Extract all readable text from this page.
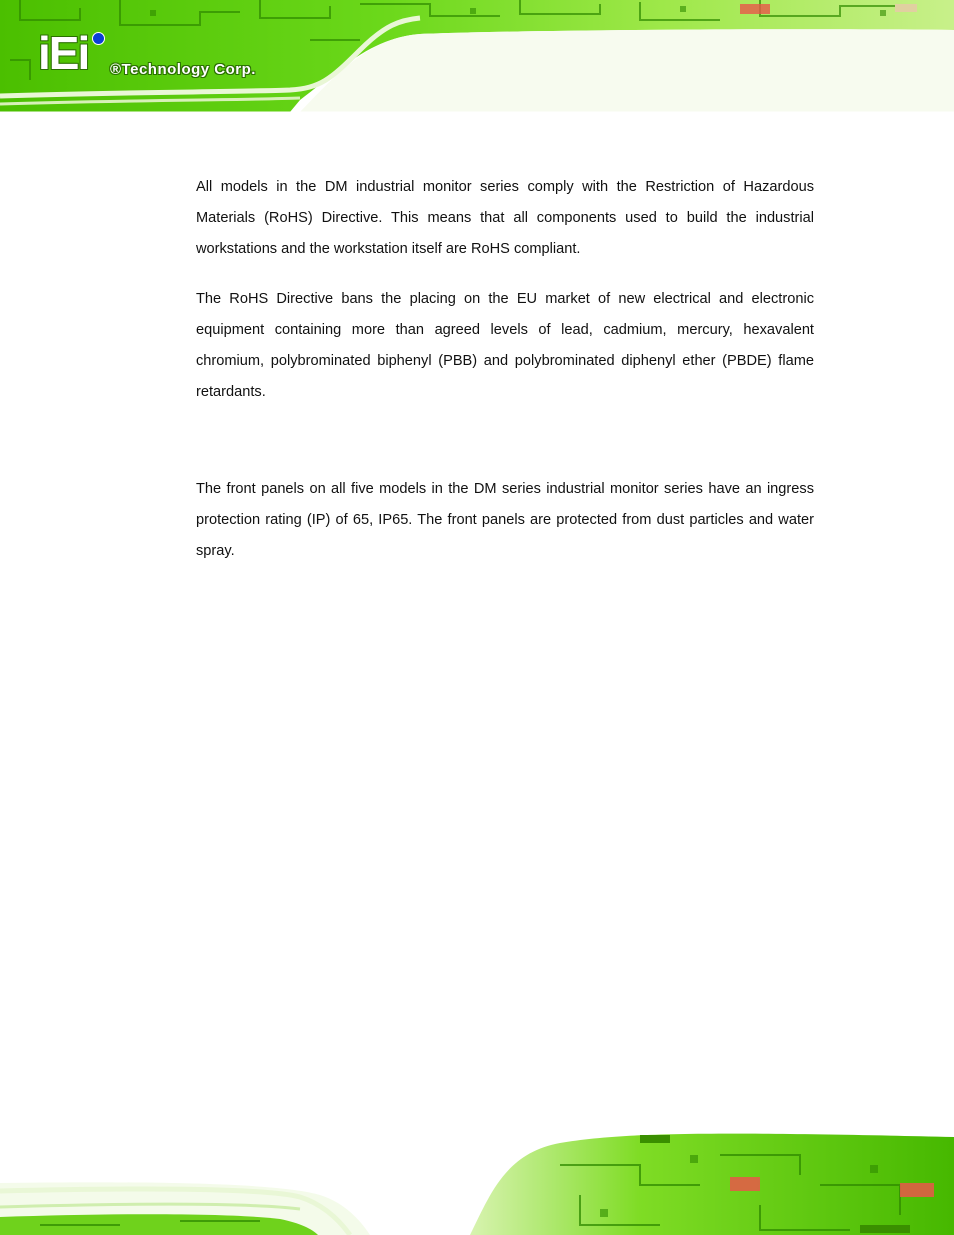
iEi ®Technology Corp.

All models in the DM industrial monitor series comply with the Restriction of Hazardous Materials (RoHS) Directive. This means that all components used to build the industrial workstations and the workstation itself are RoHS compliant.

The RoHS Directive bans the placing on the EU market of new electrical and electronic equipment containing more than agreed levels of lead, cadmium, mercury, hexavalent chromium, polybrominated biphenyl (PBB) and polybrominated diphenyl ether (PBDE) flame retardants.

The front panels on all five models in the DM series industrial monitor series have an ingress protection rating (IP) of 65, IP65. The front panels are protected from dust particles and water spray.
